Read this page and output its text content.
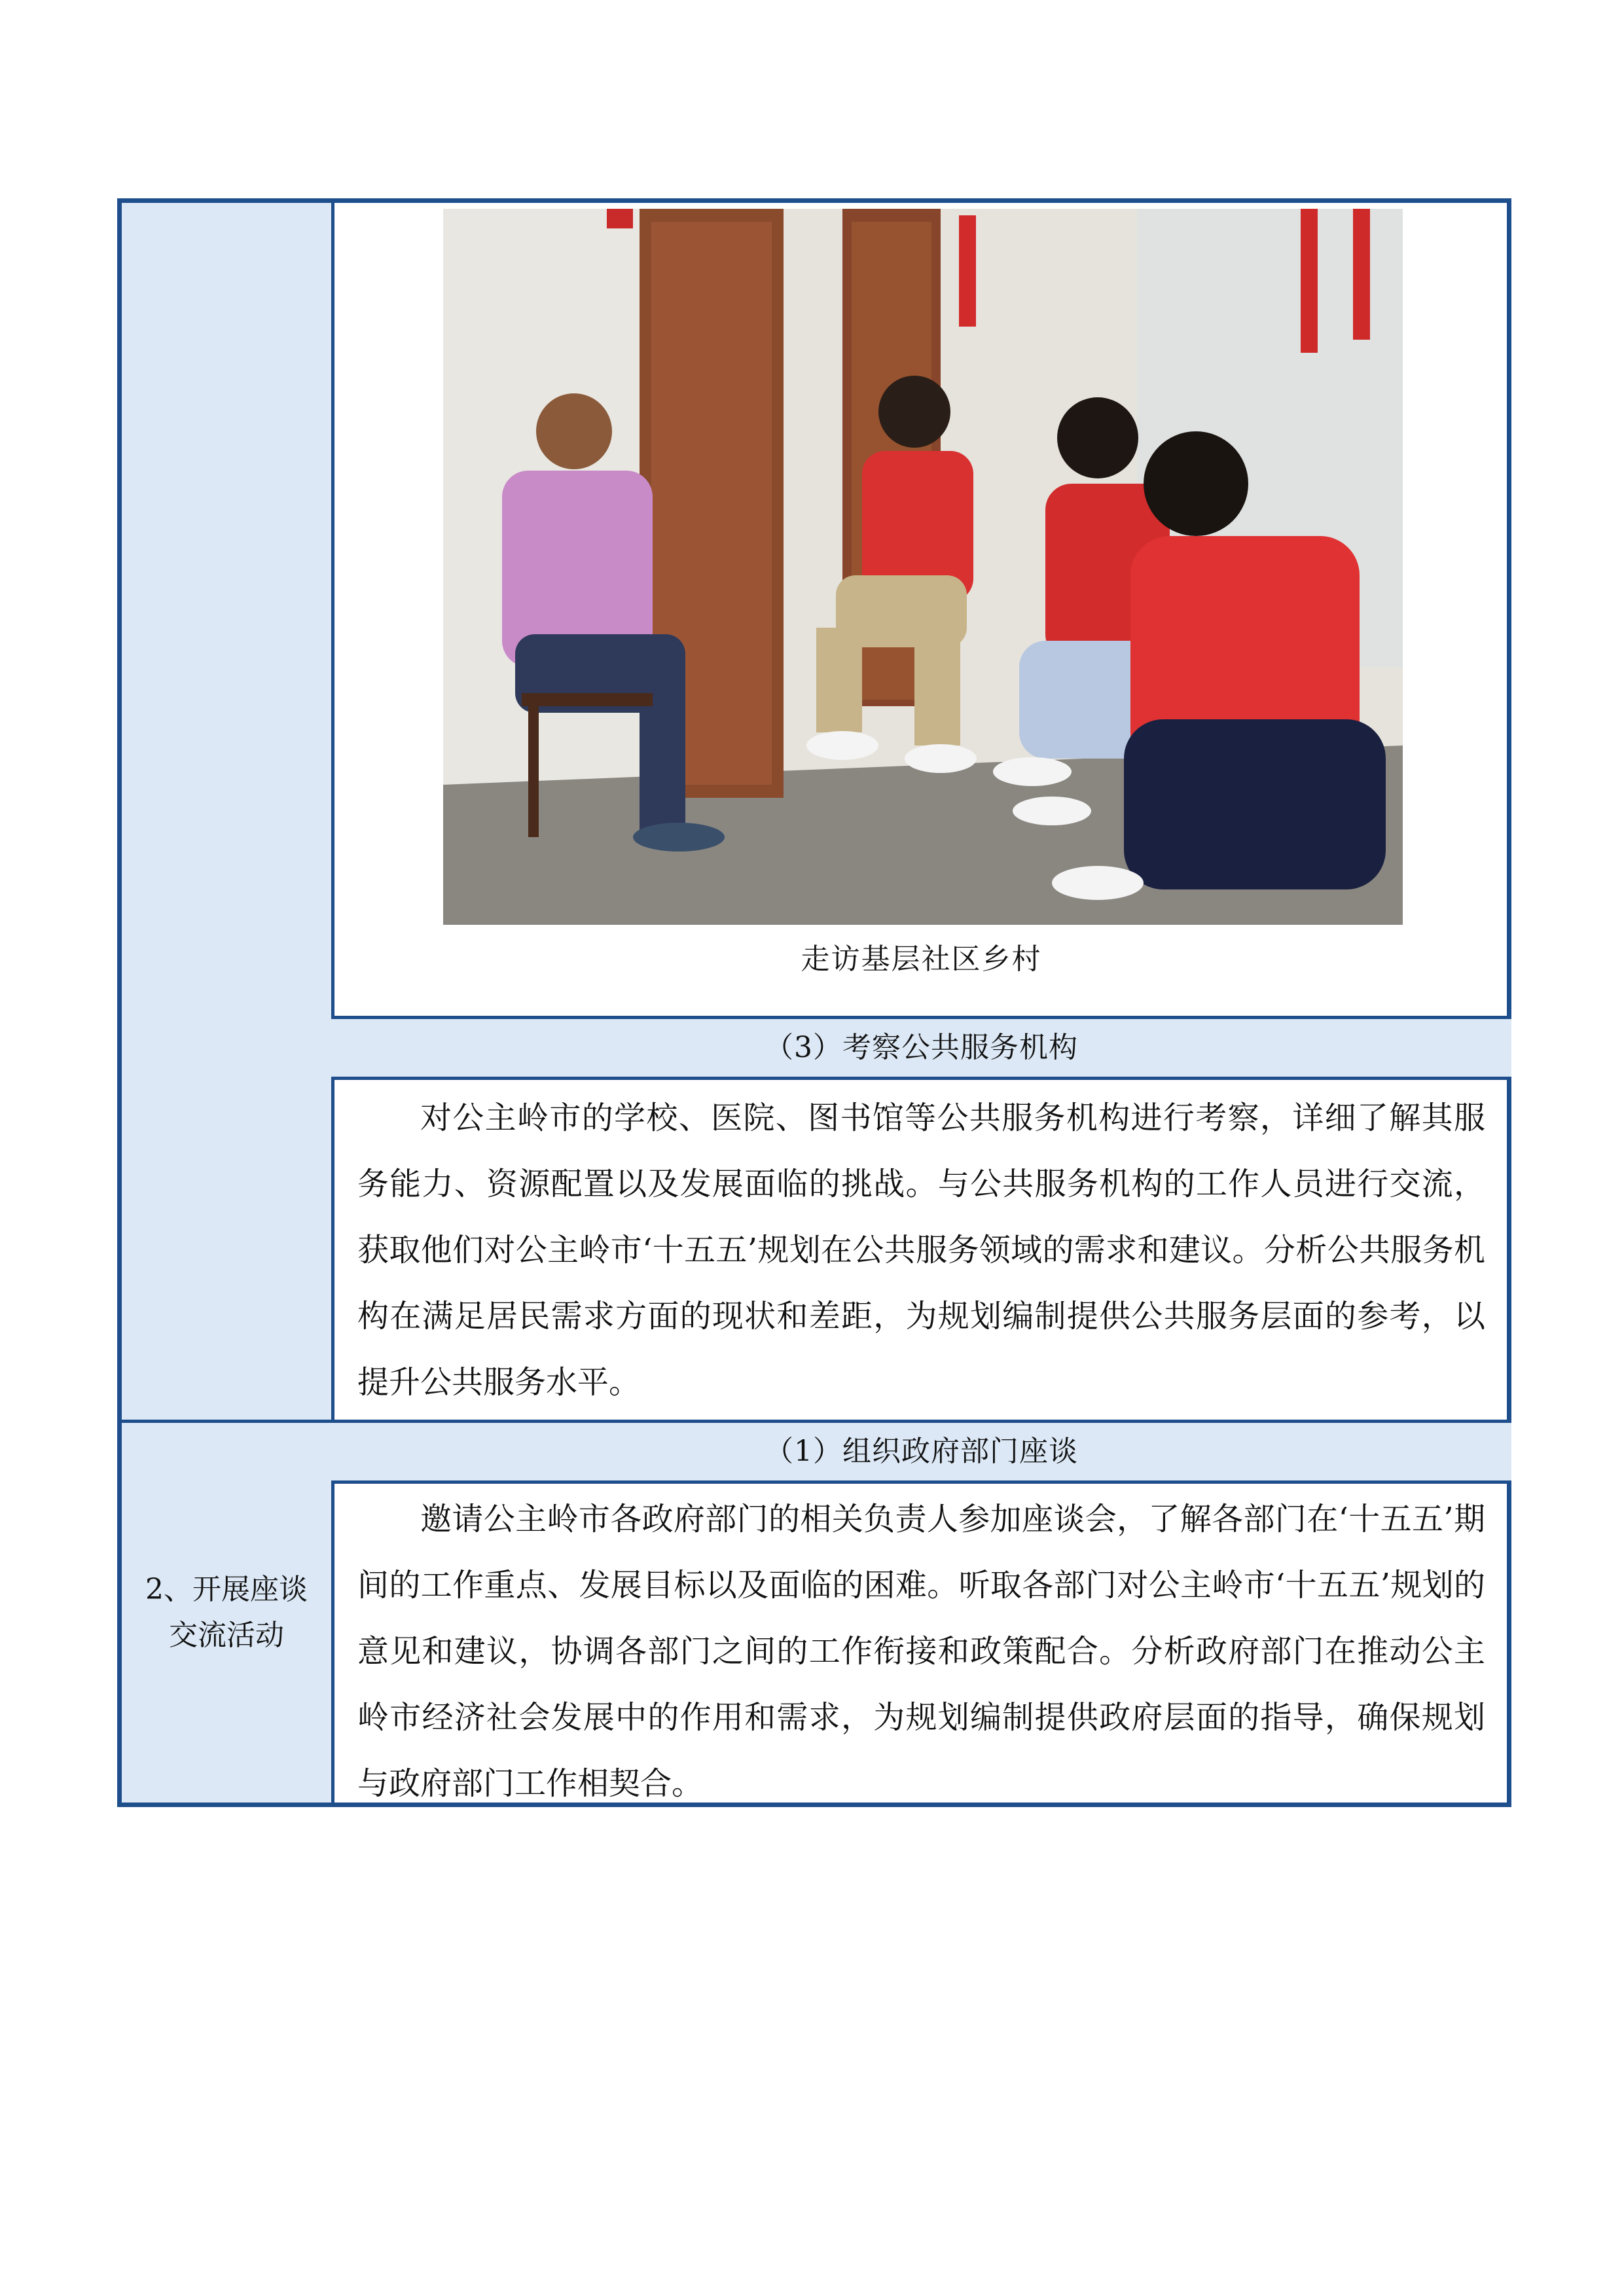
走访基层社区乡村
（3）考察公共服务机构

对公主岭市的学校、医院、图书馆等公共服务机构进行考察，详细了解其服务能力、资源配置以及发展面临的挑战。与公共服务机构的工作人员进行交流，获取他们对公主岭市‘十五五’规划在公共服务领域的需求和建议。分析公共服务机构在满足居民需求方面的现状和差距，为规划编制提供公共服务层面的参考，以提升公共服务水平。

2、开展座谈交流活动
（1）组织政府部门座谈

邀请公主岭市各政府部门的相关负责人参加座谈会，了解各部门在‘十五五’期间的工作重点、发展目标以及面临的困难。听取各部门对公主岭市‘十五五’规划的意见和建议，协调各部门之间的工作衔接和政策配合。分析政府部门在推动公主岭市经济社会发展中的作用和需求，为规划编制提供政府层面的指导，确保规划与政府部门工作相契合。
